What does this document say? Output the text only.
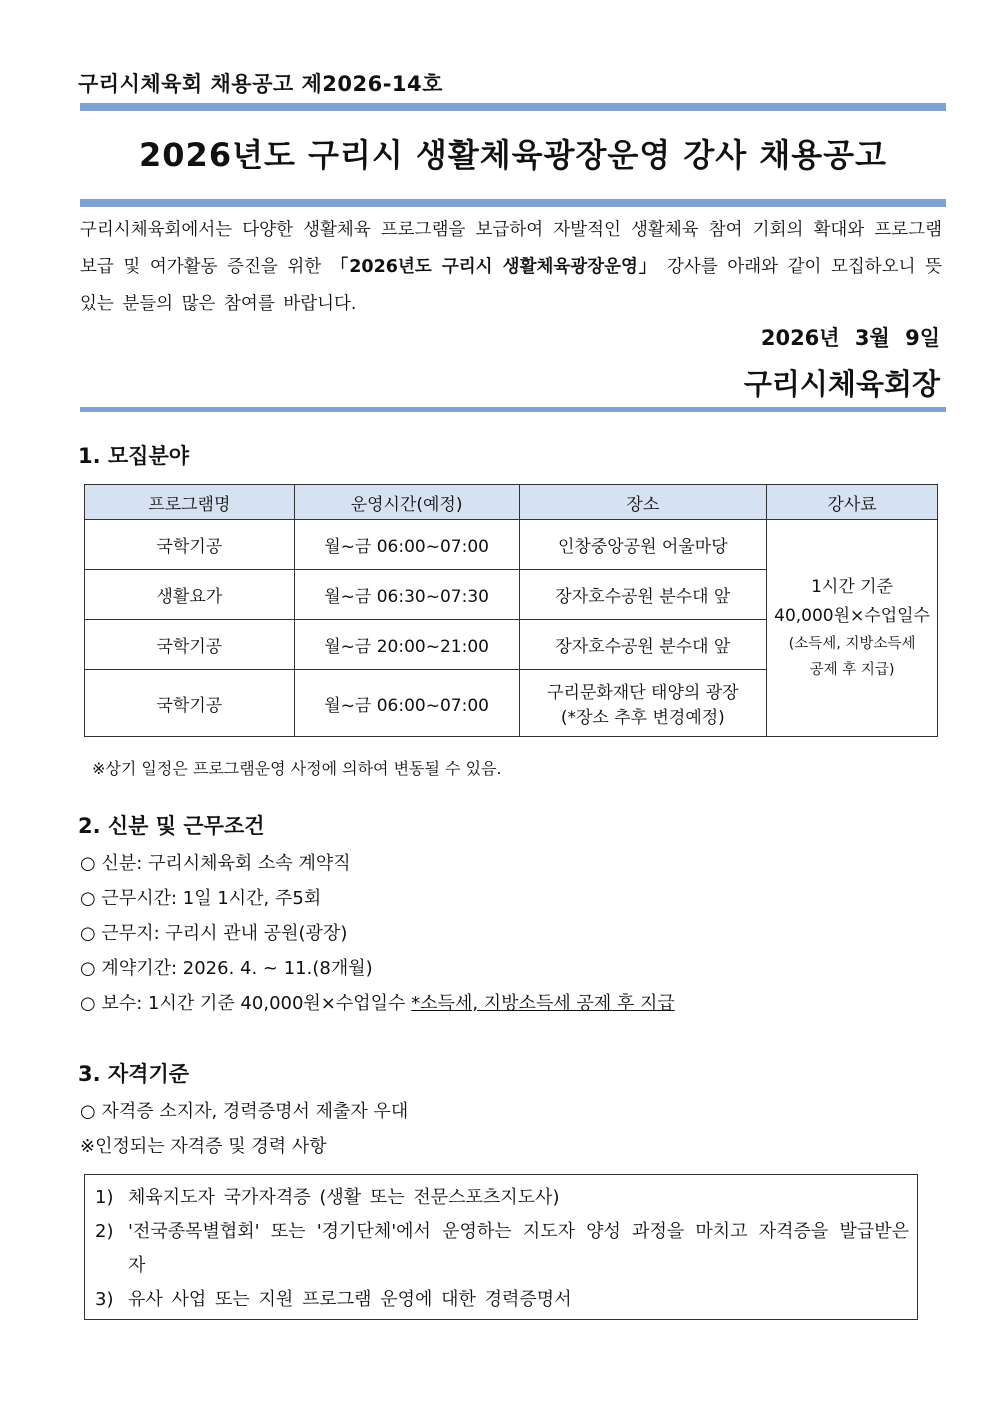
구리시체육회 채용공고 제2026-14호
2026년도 구리시 생활체육광장운영 강사 채용공고
구리시체육회에서는 다양한 생활체육 프로그램을 보급하여 자발적인 생활체육 참여 기회의 확대와 프로그램 보급 및 여가활동 증진을 위한 「2026년도 구리시 생활체육광장운영」 강사를 아래와 같이 모집하오니 뜻있는 분들의 많은 참여를 바랍니다.
2026년 3월 9일
구리시체육회장
1. 모집분야
프로그램명	운영시간(예정)	장소	강사료
국학기공	월~금 06:00~07:00	인창중앙공원 어울마당	1시간 기준
40,000원×수업일수
(소득세, 지방소득세
공제 후 지급)

생활요가	월~금 06:30~07:30	장자호수공원 분수대 앞	
국학기공	월~금 20:00~21:00	장자호수공원 분수대 앞	
국학기공	월~금 06:00~07:00	구리문화재단 태양의 광장
(*장소 추후 변경예정)	
※상기 일정은 프로그램운영 사정에 의하여 변동될 수 있음.
2. 신분 및 근무조건
○ 신분: 구리시체육회 소속 계약직
○ 근무시간: 1일 1시간, 주5회
○ 근무지: 구리시 관내 공원(광장)
○ 계약기간: 2026. 4. ~ 11.(8개월)
○ 보수: 1시간 기준 40,000원×수업일수 *소득세, 지방소득세 공제 후 지급
3. 자격기준
○ 자격증 소지자, 경력증명서 제출자 우대
※인정되는 자격증 및 경력 사항
1) 체육지도자 국가자격증 (생활 또는 전문스포츠지도사)
2) '전국종목별협회' 또는 '경기단체'에서 운영하는 지도자 양성 과정을 마치고 자격증을 발급받은 자
3) 유사 사업 또는 지원 프로그램 운영에 대한 경력증명서
